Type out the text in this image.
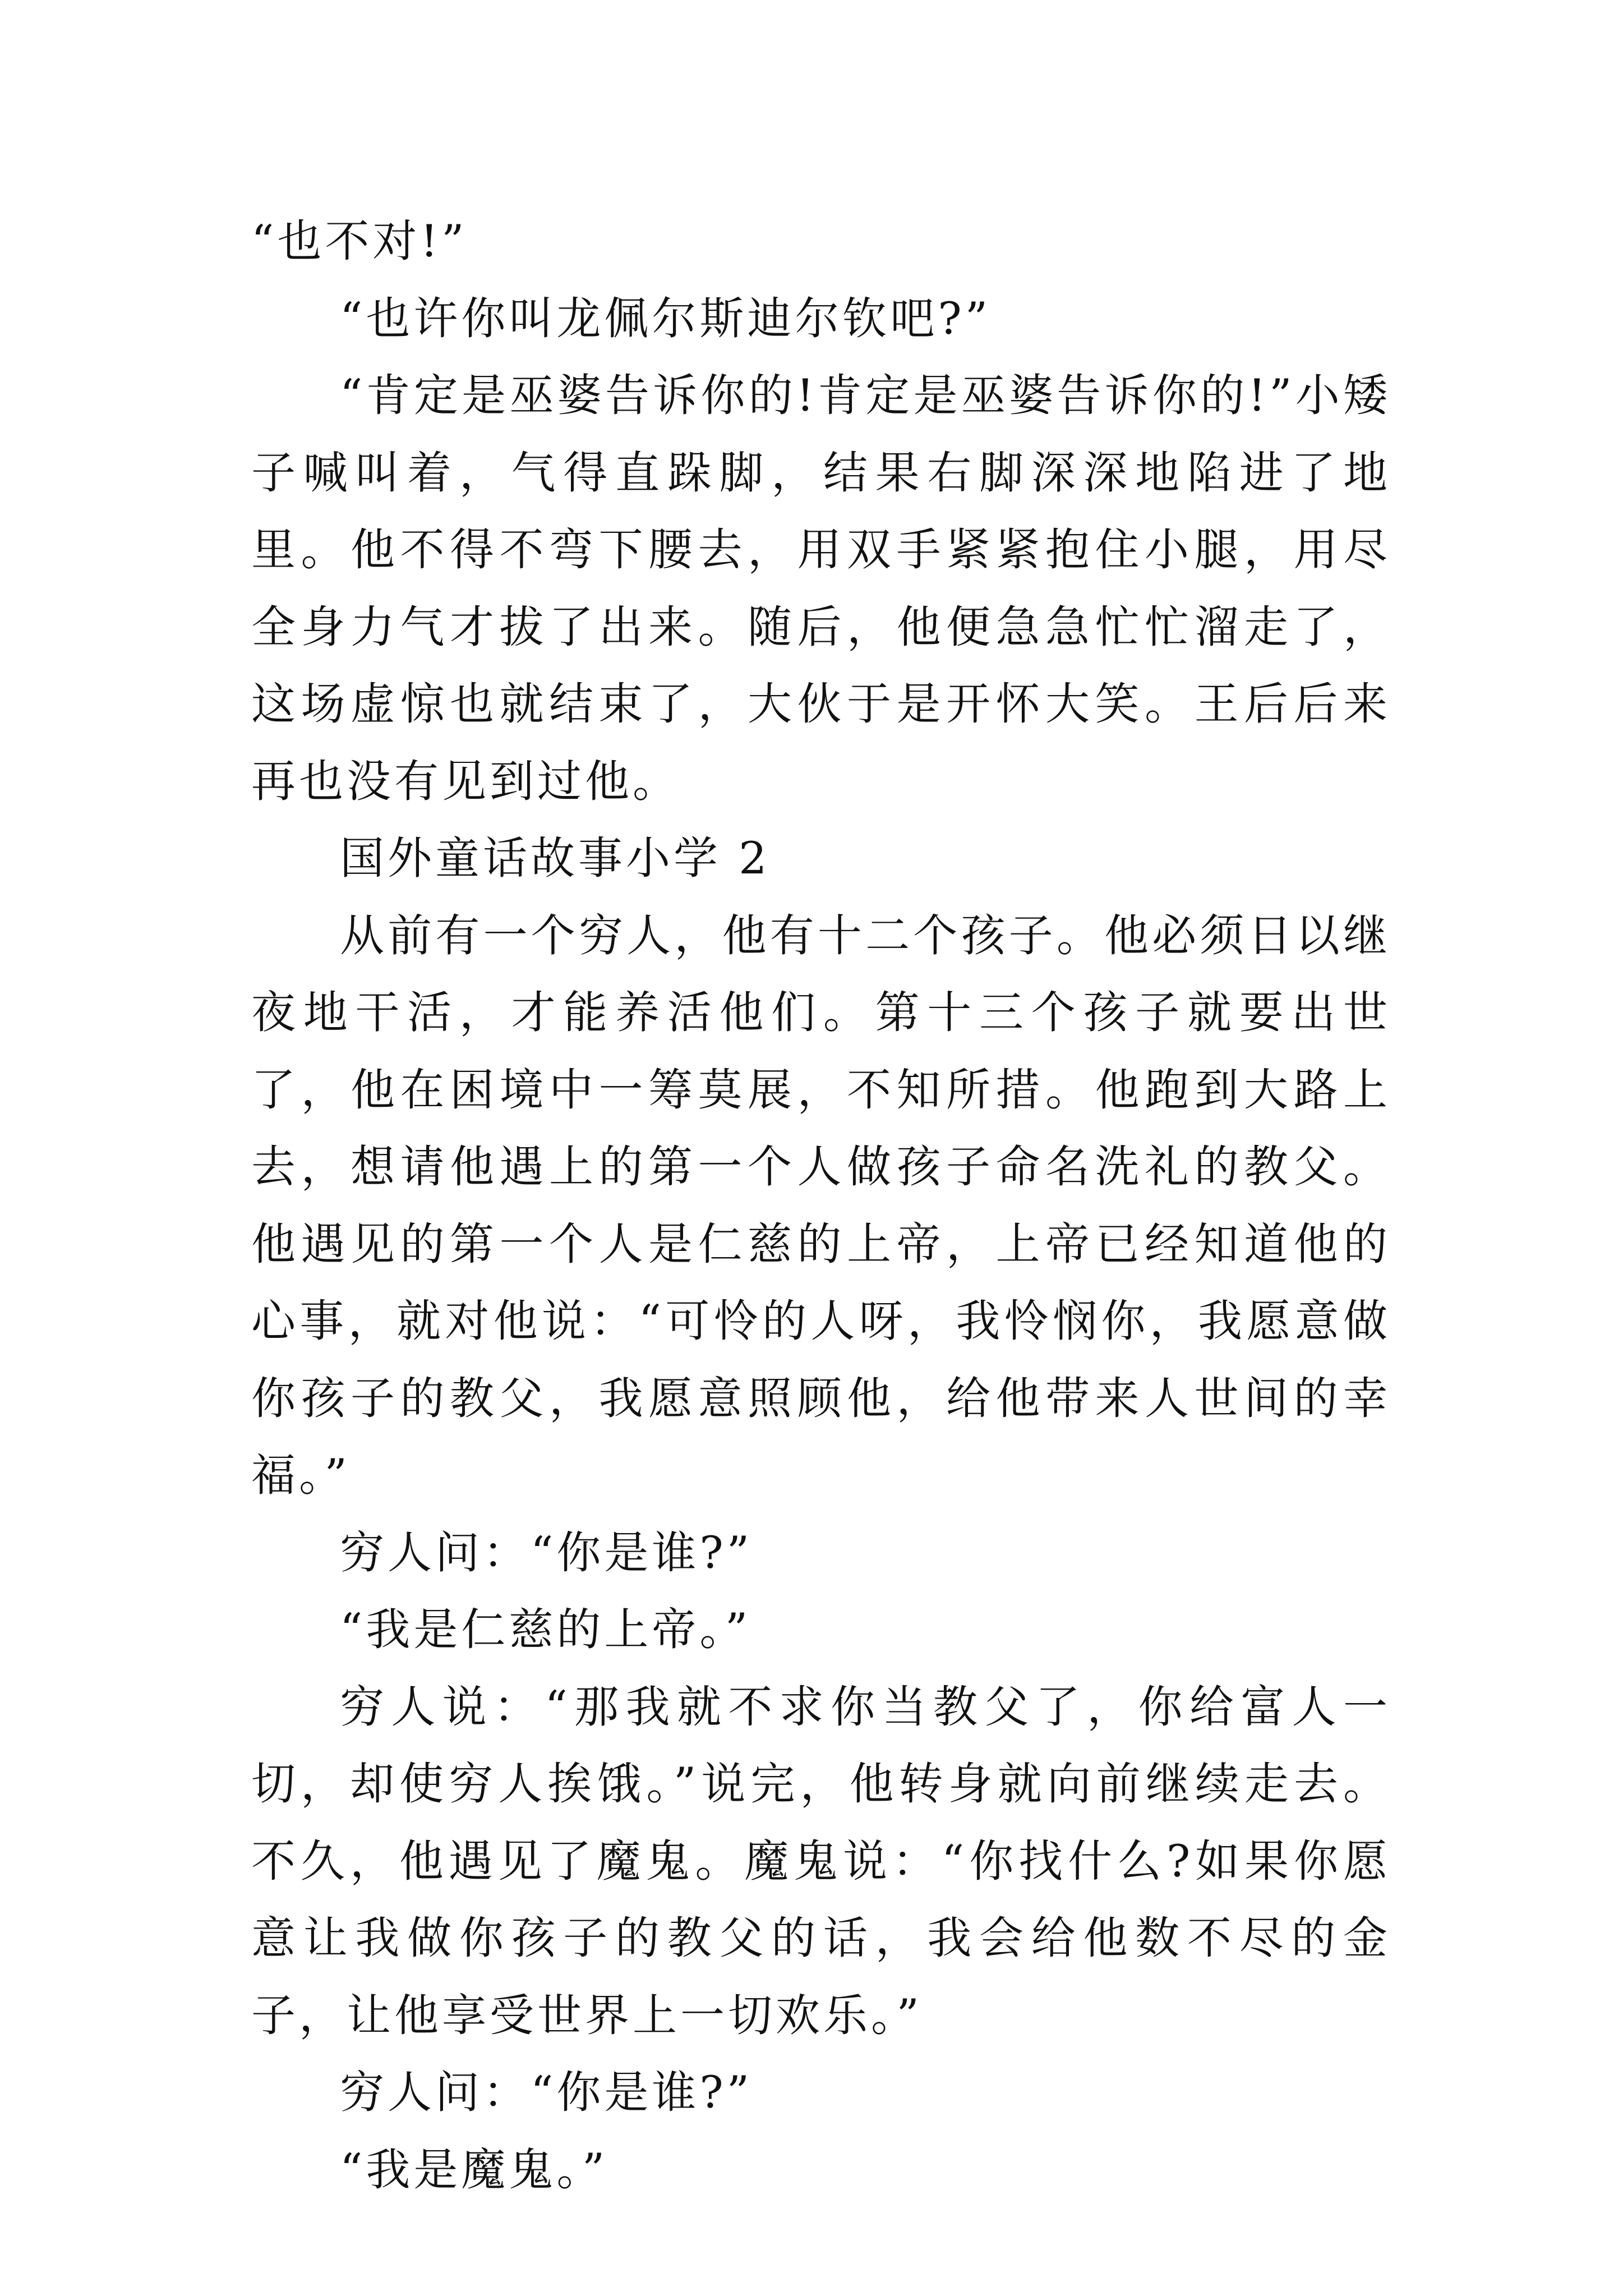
“也不对!”

“也许你叫龙佩尔斯迪尔钦吧?”

“肯定是巫婆告诉你的!肯定是巫婆告诉你的!”小矮子喊叫着，气得直跺脚，结果右脚深深地陷进了地里。他不得不弯下腰去，用双手紧紧抱住小腿，用尽全身力气才拔了出来。随后，他便急急忙忙溜走了，这场虚惊也就结束了，大伙于是开怀大笑。王后后来再也没有见到过他。

国外童话故事小学 2

从前有一个穷人，他有十二个孩子。他必须日以继夜地干活，才能养活他们。第十三个孩子就要出世了，他在困境中一筹莫展，不知所措。他跑到大路上去，想请他遇上的第一个人做孩子命名洗礼的教父。他遇见的第一个人是仁慈的上帝，上帝已经知道他的心事，就对他说：“可怜的人呀，我怜悯你，我愿意做你孩子的教父，我愿意照顾他，给他带来人世间的幸福。”

穷人问：“你是谁?”

“我是仁慈的上帝。”

穷人说：“那我就不求你当教父了，你给富人一切，却使穷人挨饿。”说完，他转身就向前继续走去。不久，他遇见了魔鬼。魔鬼说：“你找什么?如果你愿意让我做你孩子的教父的话，我会给他数不尽的金子，让他享受世界上一切欢乐。”

穷人问：“你是谁?”

“我是魔鬼。”
